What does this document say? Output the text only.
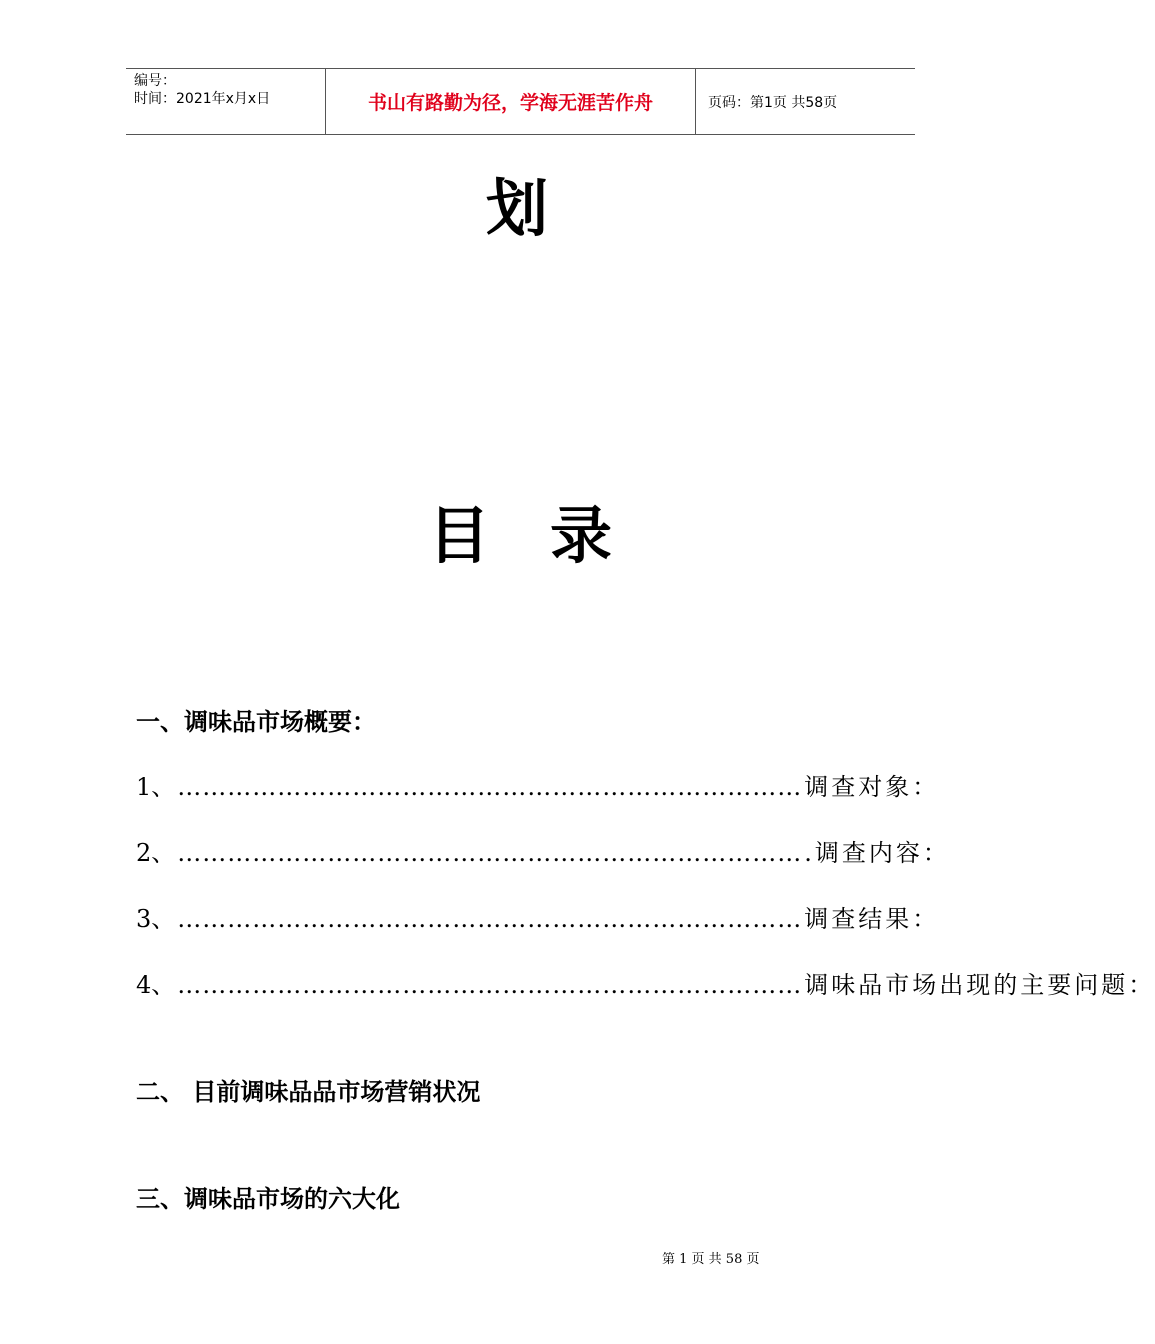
编号：
时间：2021年x月x日	书山有路勤为径，学海无涯苦作舟	页码：第1页 共58页
划
目 录
一、调味品市场概要：
1、 ………………………………………………………………… 调查对象：
2、 ………………………………………………………………… .调查内容：
3、 ………………………………………………………………… 调查结果：
4、 ………………………………………………………………… 调味品市场出现的主要问题：
二、 目前调味品品市场营销状况
三、调味品市场的六大化
第 1 页 共 58 页
